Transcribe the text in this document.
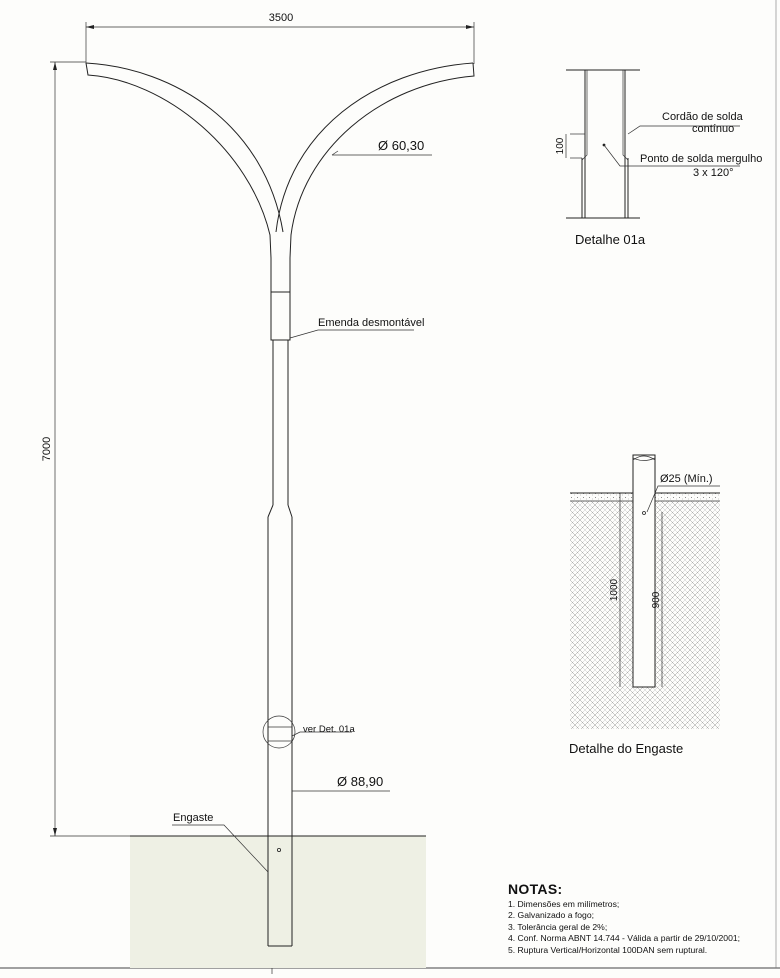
3500
7000
Ø 60,30
Emenda desmontável
ver Det. 01a
Ø 88,90
Engaste
100
Cordão de solda
contínuo
Ponto de solda mergulho
3 x 120°
Detalhe 01a
Ø25 (Mín.)
1000	900
Detalhe do Engaste
NOTAS:
1. Dimensões em milímetros;
2. Galvanizado a fogo;
3. Tolerância geral de 2%;
4. Conf. Norma ABNT 14.744 - Válida a partir de 29/10/2001;
5. Ruptura Vertical/Horizontal 100DAN sem ruptural.
